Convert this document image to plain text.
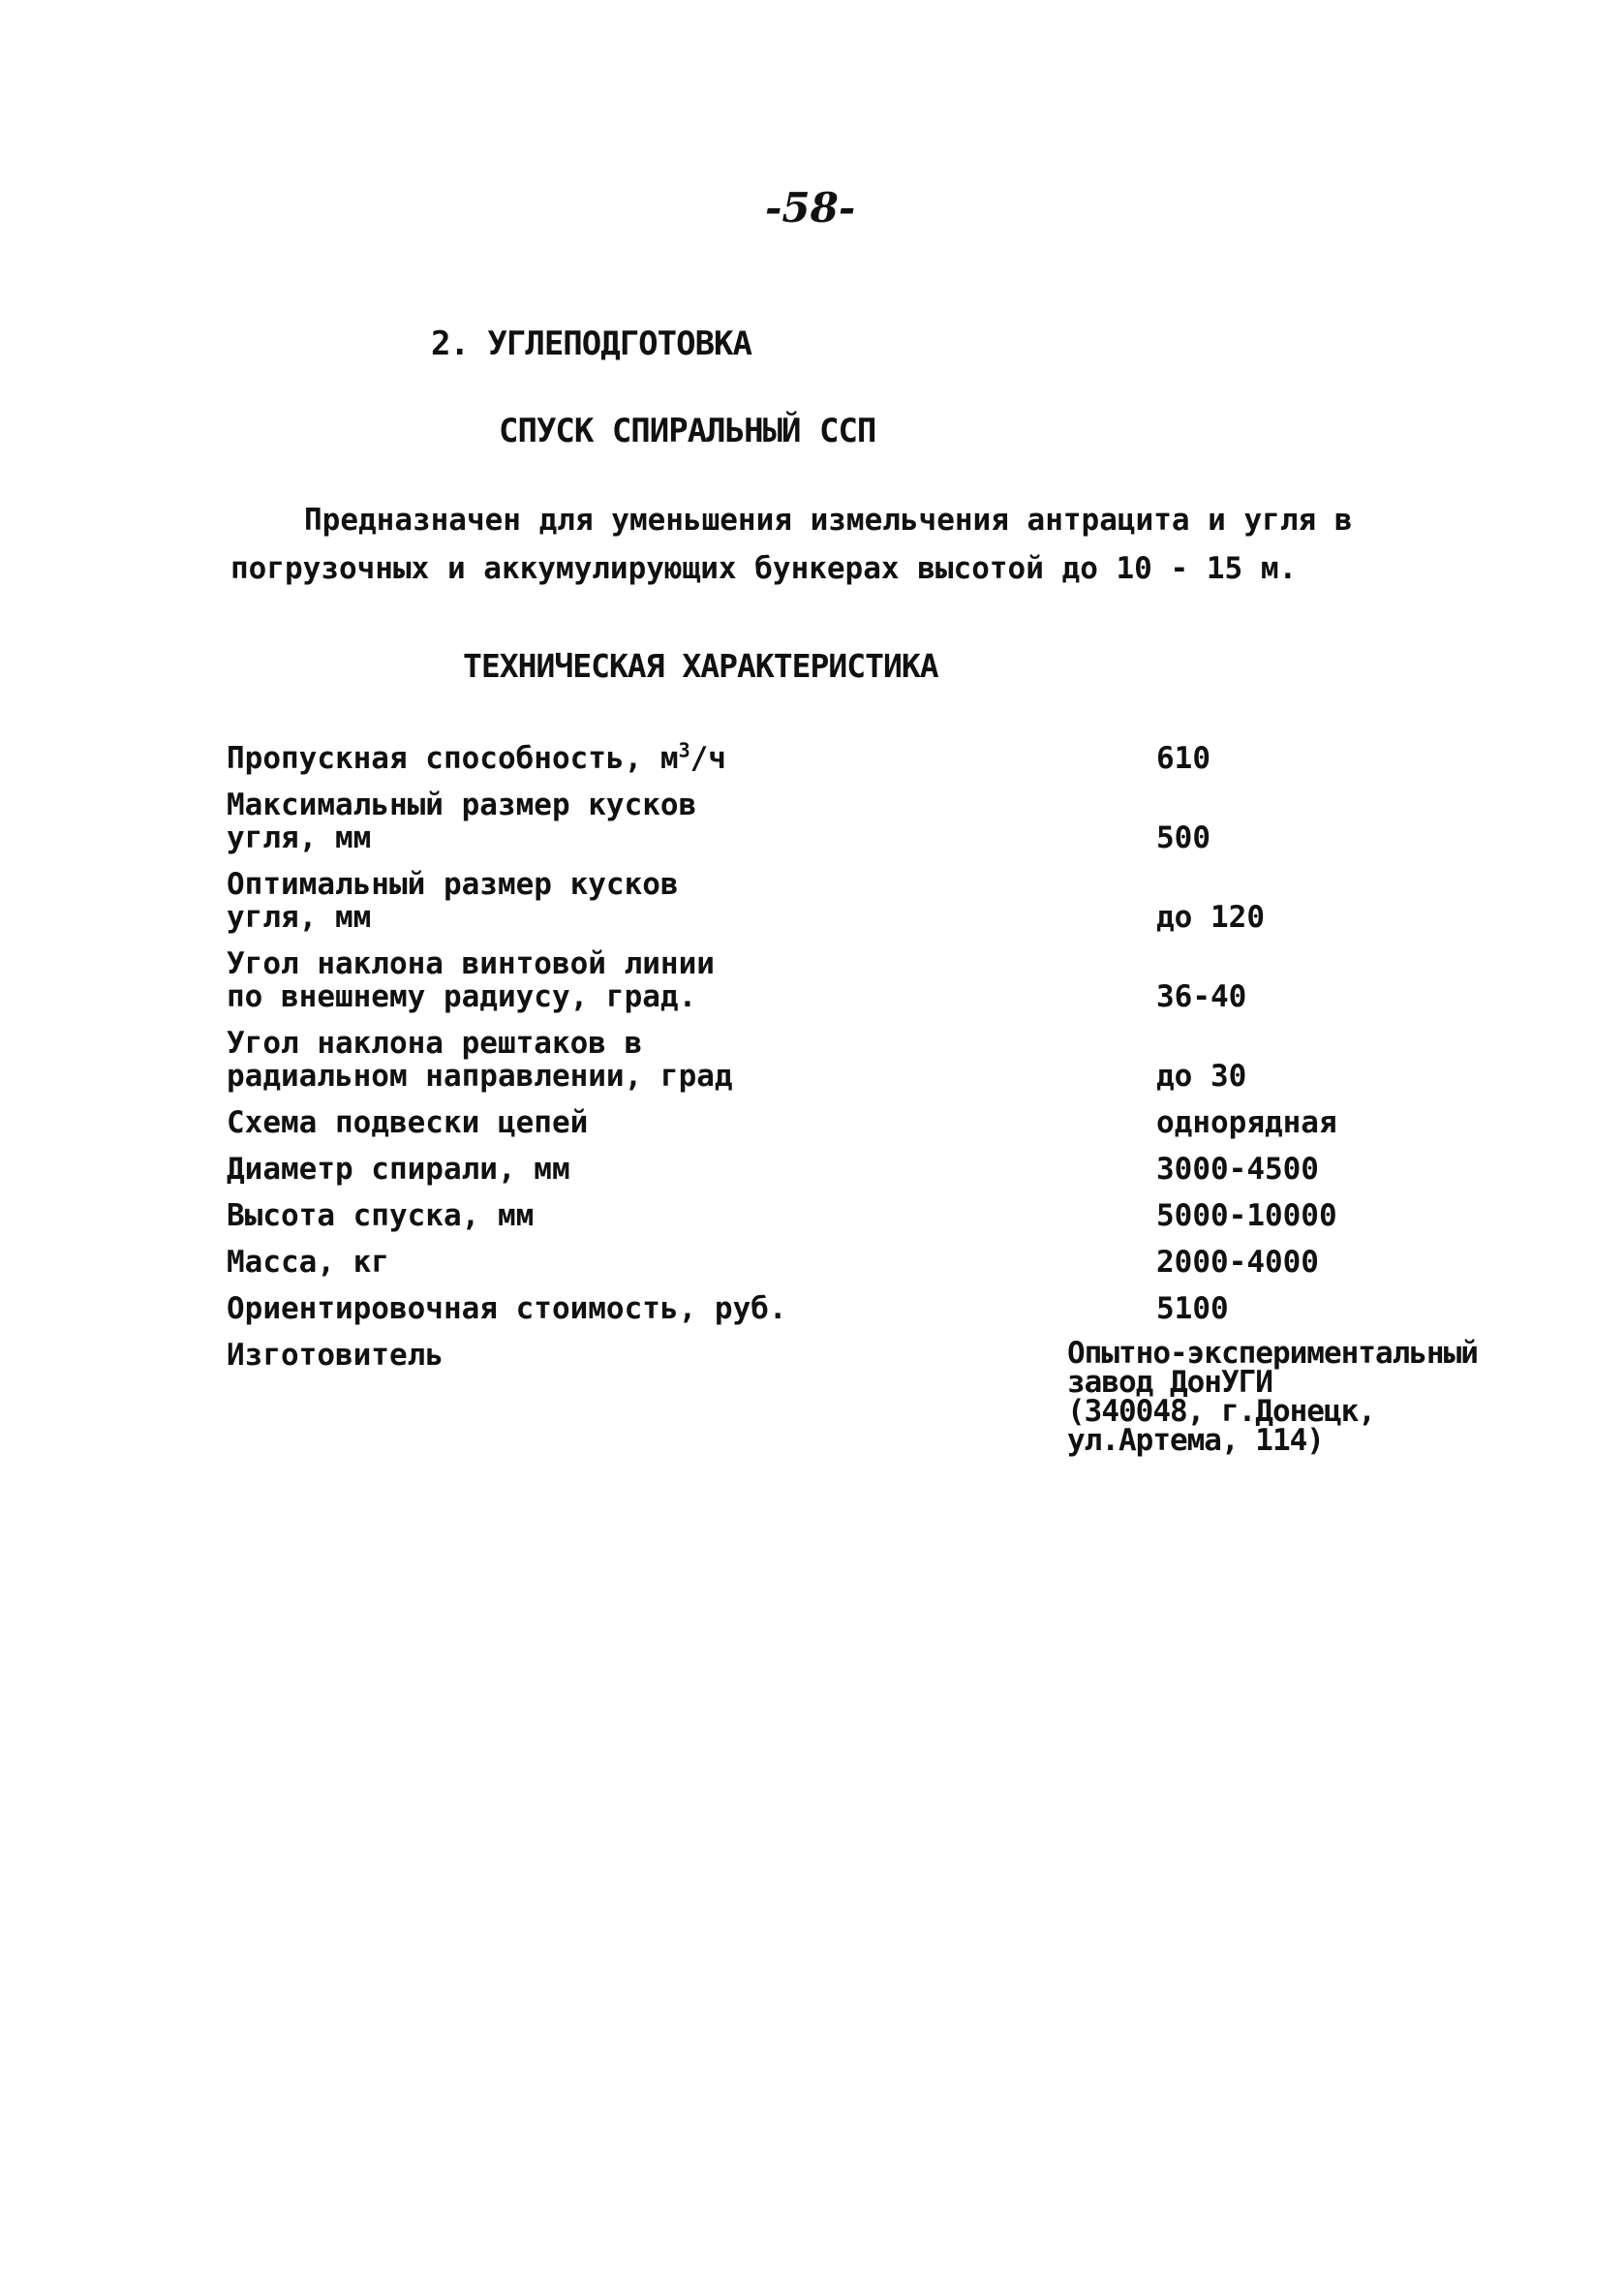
-58-
2. УГЛЕПОДГОТОВКА
СПУСК СПИРАЛЬНЫЙ ССП
Предназначен для уменьшения измельчения антрацита и угля в
погрузочных и аккумулирующих бункерах высотой до 10 - 15 м.
ТЕХНИЧЕСКАЯ ХАРАКТЕРИСТИКА
Пропускная способность, $м^3/ч$	610
Максимальный размер кусков
угля, мм	500
Оптимальный размер кусков
угля, мм	до 120
Угол наклона винтовой линии
по внешнему радиусу, град.	36-40
Угол наклона рештаков в
радиальном направлении, град	до 30
Схема подвески цепей	однорядная
Диаметр спирали, мм	3000-4500
Высота спуска, мм	5000-10000
Масса, кг	2000-4000
Ориентировочная стоимость, руб.	5100
Изготовитель	Опытно-экспериментальный завод ДонУГИ
(340048, г.Донецк,
ул.Артема, 114)
